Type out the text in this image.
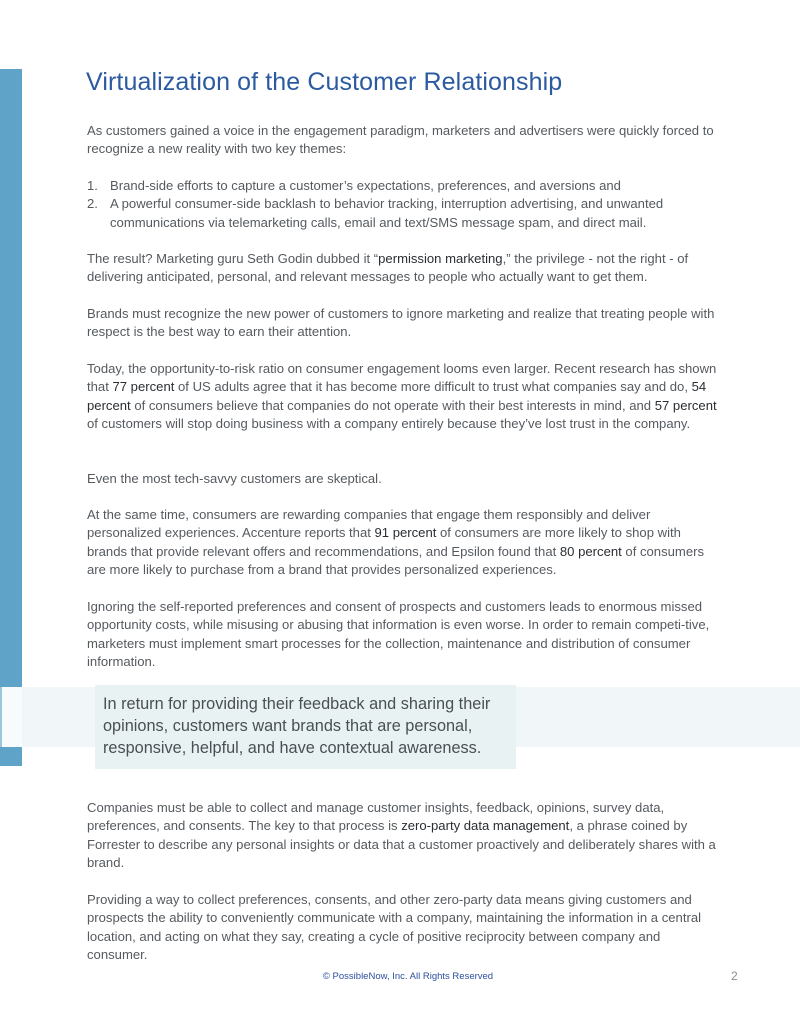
Virtualization of the Customer Relationship

As customers gained a voice in the engagement paradigm, marketers and advertisers were quickly forced to recognize a new reality with two key themes:

1. Brand-side efforts to capture a customer’s expectations, preferences, and aversions and
2. A powerful consumer-side backlash to behavior tracking, interruption advertising, and unwanted communications via telemarketing calls, email and text/SMS message spam, and direct mail.

The result? Marketing guru Seth Godin dubbed it “permission marketing,” the privilege - not the right - of delivering anticipated, personal, and relevant messages to people who actually want to get them.

Brands must recognize the new power of customers to ignore marketing and realize that treating people with respect is the best way to earn their attention.

Today, the opportunity-to-risk ratio on consumer engagement looms even larger. Recent research has shown that 77 percent of US adults agree that it has become more difficult to trust what companies say and do, 54 percent of consumers believe that companies do not operate with their best interests in mind, and 57 percent of customers will stop doing business with a company entirely because they’ve lost trust in the company.

Even the most tech-savvy customers are skeptical.

At the same time, consumers are rewarding companies that engage them responsibly and deliver personalized experiences. Accenture reports that 91 percent of consumers are more likely to shop with brands that provide relevant offers and recommendations, and Epsilon found that 80 percent of consumers are more likely to purchase from a brand that provides personalized experiences.

Ignoring the self-reported preferences and consent of prospects and customers leads to enormous missed opportunity costs, while misusing or abusing that information is even worse. In order to remain competi-tive, marketers must implement smart processes for the collection, maintenance and distribution of consumer information.

In return for providing their feedback and sharing their opinions, customers want brands that are personal, responsive, helpful, and have contextual awareness.

Companies must be able to collect and manage customer insights, feedback, opinions, survey data, preferences, and consents. The key to that process is zero-party data management, a phrase coined by Forrester to describe any personal insights or data that a customer proactively and deliberately shares with a brand.

Providing a way to collect preferences, consents, and other zero-party data means giving customers and prospects the ability to conveniently communicate with a company, maintaining the information in a central location, and acting on what they say, creating a cycle of positive reciprocity between company and consumer.

© PossibleNow, Inc. All Rights Reserved	2
